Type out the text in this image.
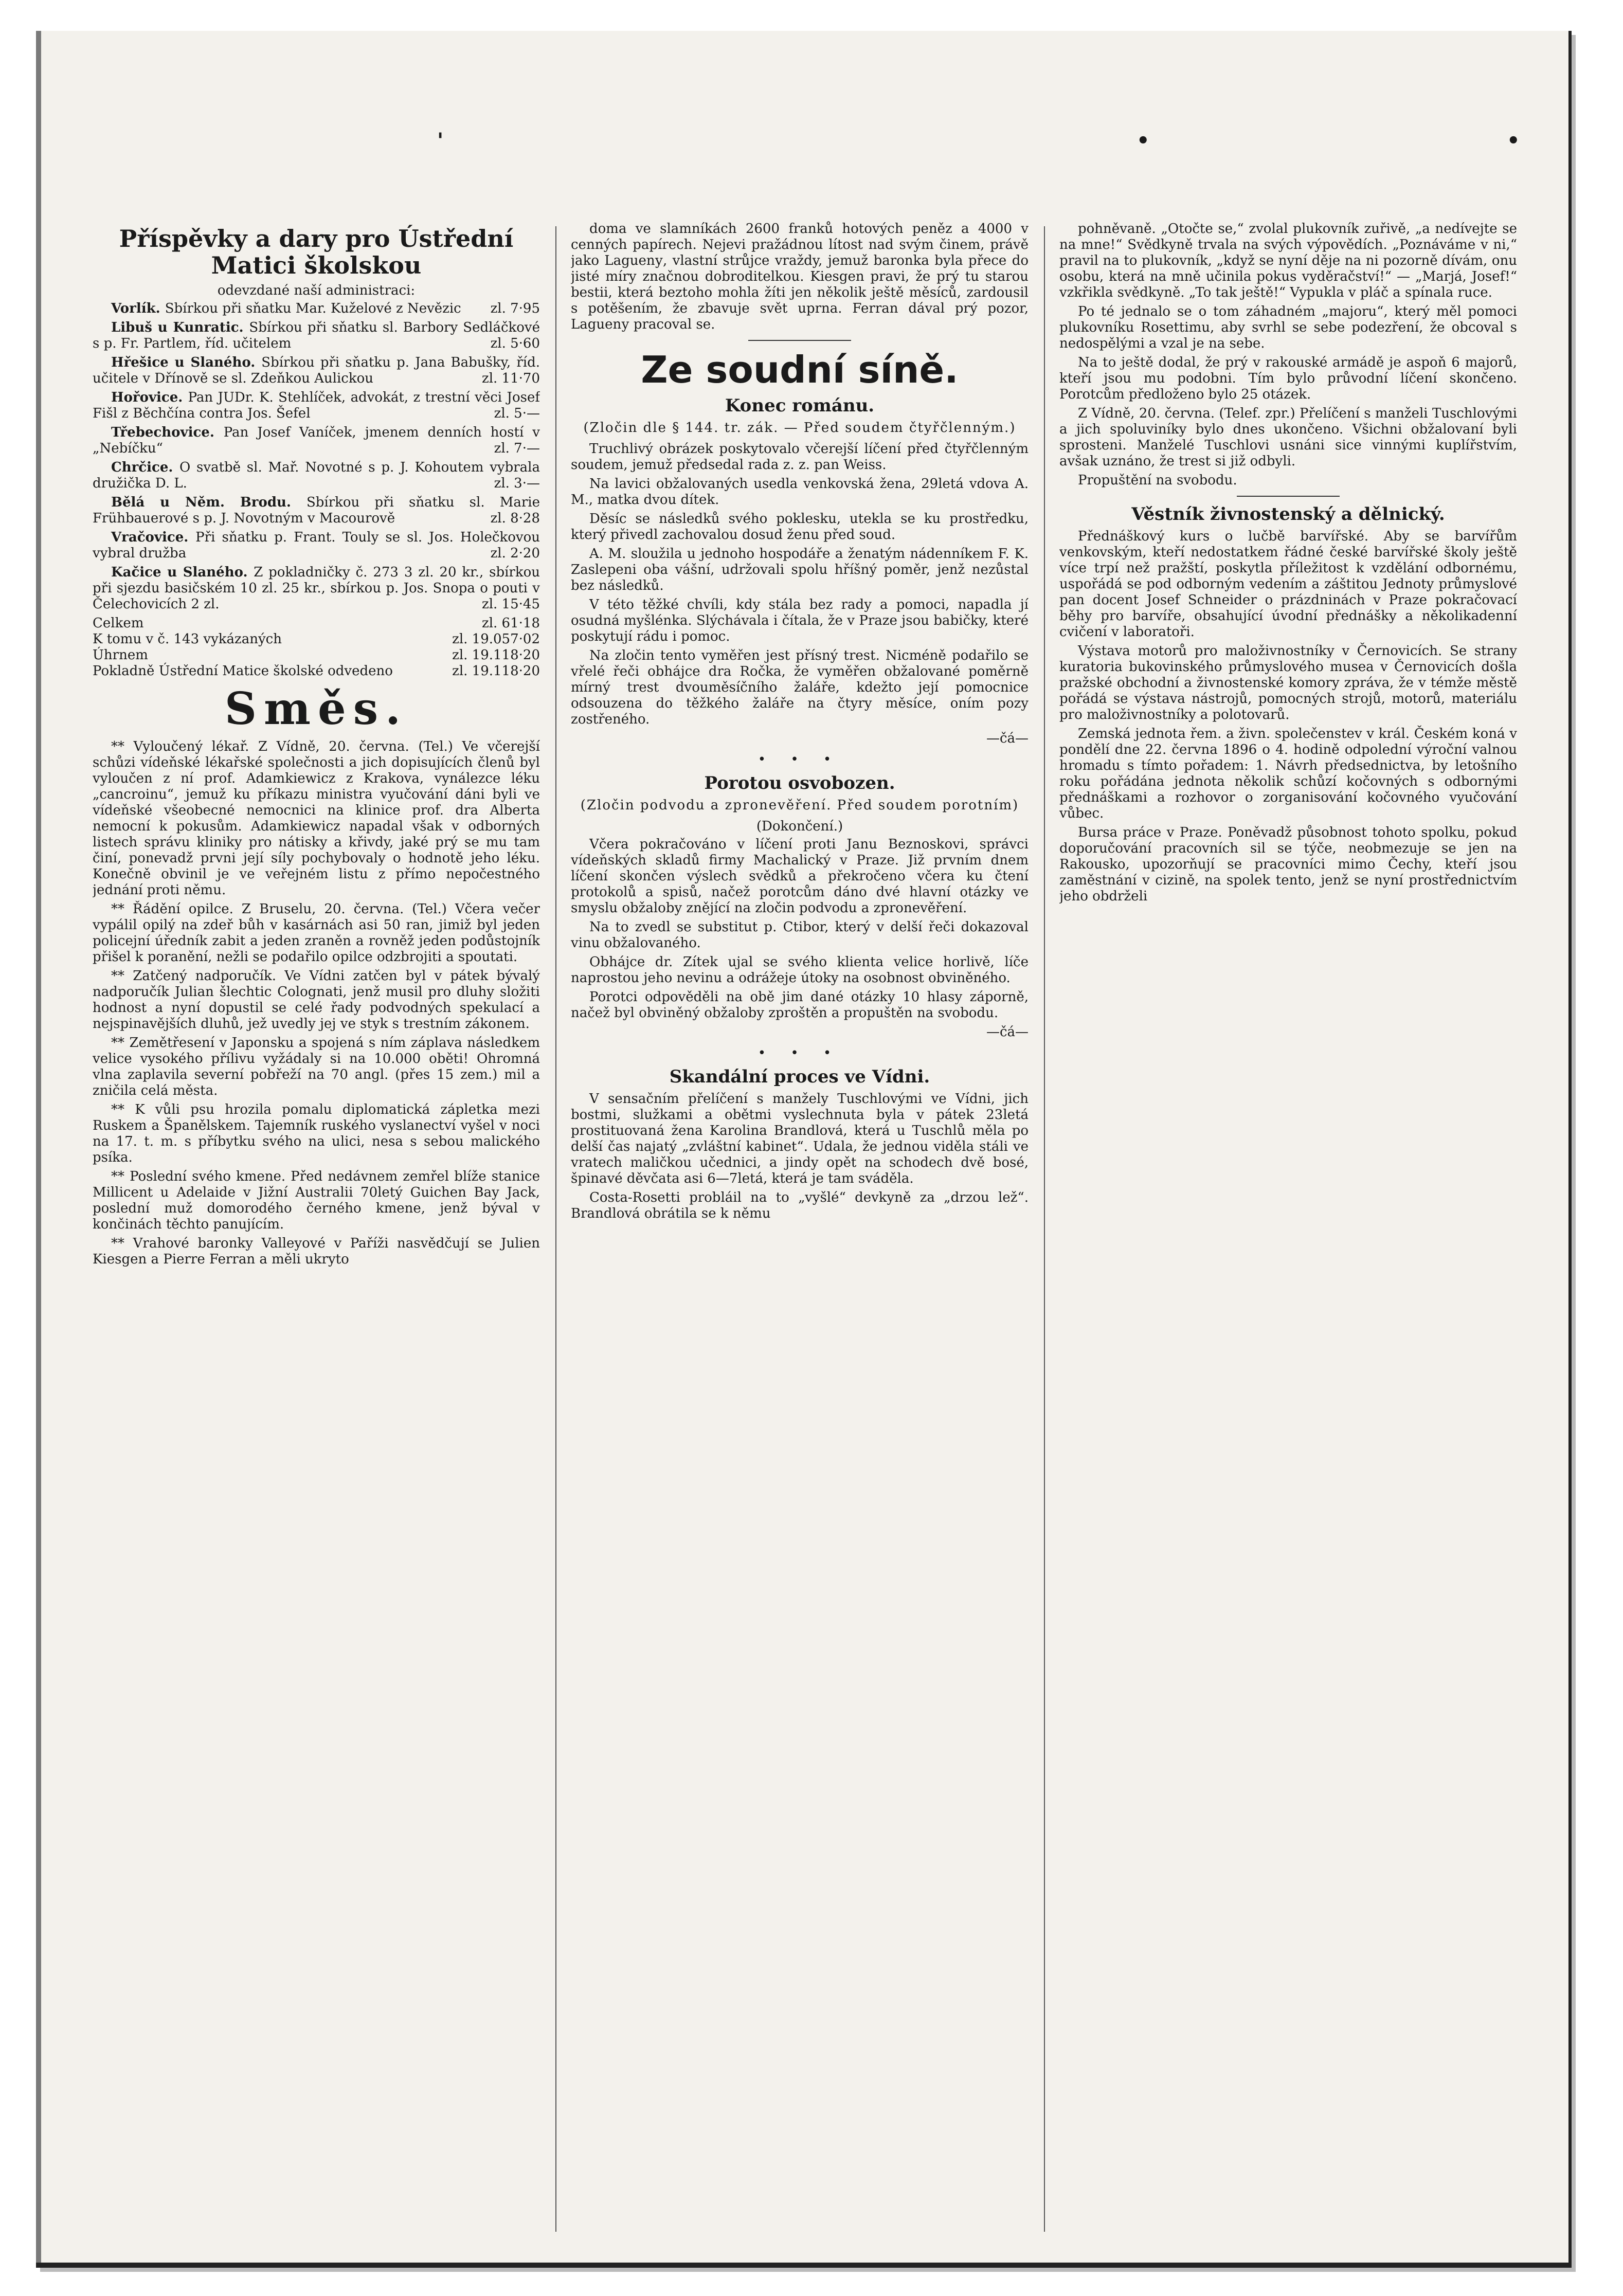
'	•	•
Příspěvky a dary pro Ústřední Matici školskou
odevzdané naší administraci:

Vorlík. Sbírkou při sňatku Mar. Kuželové z Nevězic	zl. 7·95

Libuš u Kunratic. Sbírkou při sňatku sl. Barbory Sedláčkové s p. Fr. Partlem, říd. učitelem	zl. 5·60

Hřešice u Slaného. Sbírkou při sňatku p. Jana Babušky, říd. učitele v Dřínově se sl. Zdeňkou Aulickou	zl. 11·70

Hořovice. Pan JUDr. K. Stehlíček, advokát, z trestní věci Josef Fišl z Běchčína contra Jos. Šefel	zl. 5·—

Třebechovice. Pan Josef Vaníček, jmenem denních hostí v „Nebíčku“	zl. 7·—

Chrčice. O svatbě sl. Mař. Novotné s p. J. Kohoutem vybrala družička D. L.	zl. 3·—

Bělá u Něm. Brodu. Sbírkou při sňatku sl. Marie Frühbauerové s p. J. Novotným v Macourově	zl. 8·28

Vračovice. Při sňatku p. Frant. Touly se sl. Jos. Holečkovou vybral družba	zl. 2·20

Kačice u Slaného. Z pokladničky č. 273 3 zl. 20 kr., sbírkou při sjezdu basičském 10 zl. 25 kr., sbírkou p. Jos. Snopa o pouti v Čelechovicích 2 zl.	zl. 15·45

Celkem	zl. 61·18
K tomu v č. 143 vykázaných	zl. 19.057·02
Úhrnem	zl. 19.118·20
Pokladně Ústřední Matice školské odvedeno	zl. 19.118·20
Směs.

** Vyloučený lékař. Z Vídně, 20. června. (Tel.) Ve včerejší schůzi vídeňské lékařské společnosti a jich dopisujících členů byl vyloučen z ní prof. Adamkiewicz z Krakova, vynálezce léku „cancroinu“, jemuž ku příkazu ministra vyučování dáni byli ve vídeňské všeobecné nemocnici na klinice prof. dra Alberta nemocní k pokusům. Adamkiewicz napadal však v odborných listech správu kliniky pro nátisky a křivdy, jaké prý se mu tam činí, ponevadž prvni její síly pochybovaly o hodnotě jeho léku. Konečně obvinil je ve veřejném listu z přímo nepočestného jednání proti němu.

** Řádění opilce. Z Bruselu, 20. června. (Tel.) Včera večer vypálil opilý na zdeř bůh v kasárnách asi 50 ran, jimiž byl jeden policejní úředník zabit a jeden zraněn a rovněž jeden podůstojník přišel k poranění, nežli se podařilo opilce odzbrojiti a spoutati.

** Zatčený nadporučík. Ve Vídni zatčen byl v pátek bývalý nadporučík Julian šlechtic Colognati, jenž musil pro dluhy složiti hodnost a nyní dopustil se celé řady podvodných spekulací a nejspinavějších dluhů, jež uvedly jej ve styk s trestním zákonem.

** Zemětřesení v Japonsku a spojená s ním záplava následkem velice vysokého přílivu vyžádaly si na 10.000 oběti! Ohromná vlna zaplavila severní pobřeží na 70 angl. (přes 15 zem.) mil a zničila celá města.

** K vůli psu hrozila pomalu diplomatická zápletka mezi Ruskem a Španělskem. Tajemník ruského vyslanectví vyšel v noci na 17. t. m. s příbytku svého na ulici, nesa s sebou malického psíka.

** Poslední svého kmene. Před nedávnem zemřel blíže stanice Millicent u Adelaide v Jižní Australii 70letý Guichen Bay Jack, poslední muž domorodého černého kmene, jenž býval v končinách těchto panujícím.

** Vrahové baronky Valleyové v Paříži nasvědčují se Julien Kiesgen a Pierre Ferran a měli ukryto

doma ve slamníkách 2600 franků hotových peněz a 4000 v cenných papírech. Nejevi pražádnou lítost nad svým činem, právě jako Laguenу, vlastní strůjce vraždy, jemuž baronka byla přece do jisté míry značnou dobroditelkou. Kiesgen pravi, že prý tu starou bestii, která beztoho mohla žíti jen několik ještě měsíců, zardousil s potěšením, že zbavuje svět uprna. Ferran dával prý pozor, Laguenу pracoval se.

Ze soudní síně.
Konec románu.
(Zločin dle § 144. tr. zák. — Před soudem čtyřčlenným.)

Truchlivý obrázek poskytovalo včerejší líčení před čtyřčlenným soudem, jemuž předsedal rada z. z. pan Weiss.

Na lavici obžalovaných usedla venkovská žena, 29letá vdova A. M., matka dvou dítek.

Děsíc se následků svého poklesku, utekla se ku prostředku, který přivedl zachovalou dosud ženu před soud.

A. M. sloužila u jednoho hospodáře a ženatým nádenníkem F. K. Zaslepeni oba vášní, udržovali spolu hříšný poměr, jenž nezůstal bez následků.

V této těžké chvíli, kdy stála bez rady a pomoci, napadla jí osudná myšlénka. Slýchávala i čítala, že v Praze jsou babičky, které poskytují rádu i pomoc.

Na zločin tento vyměřen jest přísný trest. Nicméně podařilo se vřelé řeči obhájce dra Ročka, že vyměřen obžalované poměrně mírný trest dvouměsíčního žaláře, kdežto její pomocnice odsouzena do těžkého žaláře na čtyry měsíce, oním pozy zostřeného.

—čá—
• • •
Porotou osvobozen.
(Zločin podvodu a zpronevěření. Před soudem porotním)
(Dokončení.)

Včera pokračováno v líčení proti Janu Beznoskovi, správci vídeňských skladů firmy Machalický v Praze. Již prvním dnem líčení skončen výslech svědků a překročeno včera ku čtení protokolů a spisů, načež porotcům dáno dvé hlavní otázky ve smyslu obžaloby znějící na zločin podvodu a zpronevěření.

Na to zvedl se substitut p. Ctibor, který v delší řeči dokazoval vinu obžalovaného.

Obhájce dr. Zítek ujal se svého klienta velice horlivě, líče naprostou jeho nevinu a odrážeje útoky na osobnost obviněného.

Porotci odpověděli na obě jim dané otázky 10 hlasy záporně, načež byl obviněný obžaloby zproštěn a propuštěn na svobodu.

—čá—
• • •
Skandální proces ve Vídni.

V sensačním přelíčení s manžely Tuschlovými ve Vídni, jich bostmi, služkami a obětmi vyslechnuta byla v pátek 23letá prostituovaná žena Karolina Brandlová, která u Tuschlů měla po delší čas najatý „zvláštní kabinet“. Udala, že jednou viděla stáli ve vratech maličkou učednici, a jindy opět na schodech dvě bosé, špinavé děvčata asi 6—7letá, která je tam sváděla.

Costa-Rosetti probláil na to „vyšlé“ devkyně za „drzou lež“. Brandlová obrátila se k němu

pohněvaně. „Otočte se,“ zvolal plukovník zuřivě, „a nedívejte se na mne!“ Svědkyně trvala na svých výpovědích. „Poznáváme v ni,“ pravil na to plukovník, „když se nyní děje na ni pozorně dívám, onu osobu, která na mně učinila pokus vyděračství!“ — „Marjá, Josef!“ vzkřikla svědkyně. „To tak ještě!“ Vypukla v pláč a spínala ruce.

Po té jednalo se o tom záhadném „majoru“, který měl pomoci plukovníku Rosettimu, aby svrhl se sebe podezření, že obcoval s nedospělými a vzal je na sebe.

Na to ještě dodal, že prý v rakouské armádě je aspoň 6 majorů, kteří jsou mu podobni. Tím bylo průvodní líčení skončeno. Porotcům předloženo bylo 25 otázek.

Z Vídně, 20. června. (Telef. zpr.) Přelíčení s manželi Tuschlovými a jich spoluviníky bylo dnes ukončeno. Všichni obžalovaní byli sprosteni. Manželé Tuschlovi usnáni sice vinnými kuplířstvím, avšak uznáno, že trest si již odbyli.

Propuštění na svobodu.

Věstník živnostenský a dělnický.

Přednáškový kurs o lučbě barvířské. Aby se barvířům venkovským, kteří nedostatkem řádné české barvířské školy ještě více trpí než pražští, poskytla příležitost k vzdělání odbornému, uspořádá se pod odborným vedením a záštitou Jednoty průmyslové pan docent Josef Schneider o prázdninách v Praze pokračovací běhy pro barvíře, obsahující úvodní přednášky a několikadenní cvičení v laboratoři.

Výstava motorů pro maloživnostníky v Černovicích. Se strany kuratoria bukovinského průmyslového musea v Černovicích došla pražské obchodní a živnostenské komory zpráva, že v témže městě pořádá se výstava nástrojů, pomocných strojů, motorů, materiálu pro maloživnostníky a polotovarů.

Zemská jednota řem. a živn. společenstev v král. Českém koná v pondělí dne 22. června 1896 o 4. hodině odpolední výroční valnou hromadu s tímto pořadem: 1. Návrh předsednictva, by letošního roku pořádána jednota několik schůzí kočovných s odbornými přednáškami a rozhovor o zorganisování kočovného vyučování vůbec.

Bursa práce v Praze. Poněvadž působnost tohoto spolku, pokud doporučování pracovních sil se týče, neobmezuje se jen na Rakousko, upozorňují se pracovníci mimo Čechy, kteří jsou zaměstnání v cizině, na spolek tento, jenž se nyní prostřednictvím jeho obdrželi
